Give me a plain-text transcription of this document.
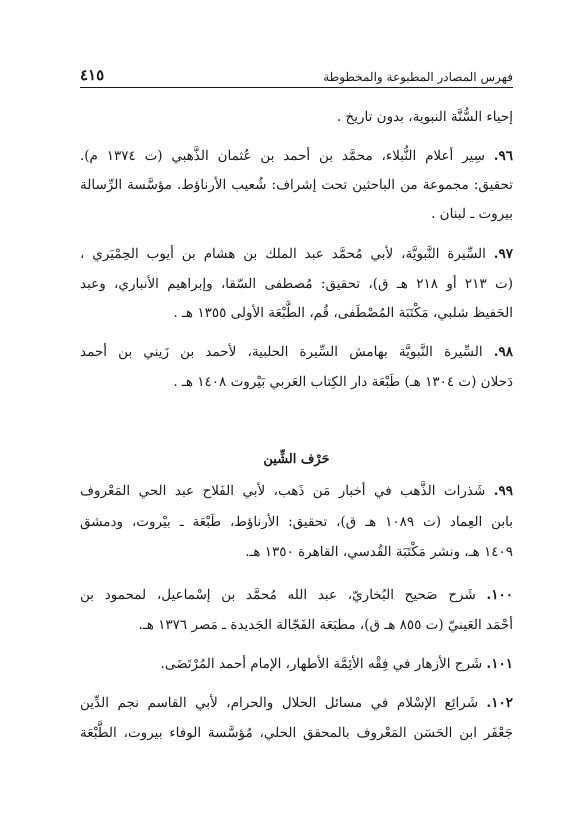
فهرس المصادر المطبوعة والمخطوطة
٤١٥
إحياء السُّنَّة النبوية، بدون تاريخ .
٩٦. سِير أعلام النُّبلاء، محمَّد بن أحمد بن عُثمان الذَّهبي (ت ١٣٧٤ م).
تحقيق: مجموعة من الباحثين تحت إشراف: شُعيب الأرناؤط. مؤسَّسة الرِّسالة
بيروت ـ لبنان .
٩٧. السِّيرة النَّبويَّة، لأبي مُحمَّد عبد الملك بن هشام بن أيوب الحِمْيَري ،
(ت ٢١٣ أو ٢١٨ هـ ق)، تحقيق: مُصطفى السّقا، وإبراهيم الأنباري، وعبد
الحَفيظ شلبي، مَكْتَبَة المُصْطَفى، قُم، الطَّبْعَة الأولى ١٣٥٥ هـ .
٩٨. السِّيرة النَّبويَّة بهامش السِّيرة الحلبية، لأحمد بن زَيني بن أحمد
دَحلان (ت ١٣٠٤ هـ) طَبْعَة دار الكِتاب العَربي بَيْروت ١٤٠٨ هـ .
حَرْف الشِّين
٩٩. شَذرات الذَّهب في أخبار مَن ذَهب، لأبي الفَلاح عبد الحي المَعْروف
بابن العِماد (ت ١٠٨٩ هـ ق)، تحقيق: الأرناؤط، طَبْعَة ـ بيْروت، ودمشق
١٤٠٩ هـ، ونشر مَكْتَبَة القُدسي، القاهرة ١٣٥٠ هـ.
١٠٠. شَرح صَحيح البُخاريّ، عبد الله مُحمَّد بن إسْماعيل، لمحمود بن
أحْمَد العَينيّ (ت ٨٥٥ هـ ق)، مطبَعَة الفَجّالة الجَديدة ـ مَصر ١٣٧٦ هـ.
١٠١. شَرح الأزهار في فِقْه الأئِمَّة الأطهار، الإمام أحمد المُرْتَضَى.
١٠٢. شَرائِع الإسْلام في مسائل الحلال والحرام، لأبي القاسم نجم الدِّين
جَعْفَر ابن الحَسَن المَعْروف بالمحقق الحلي، مُؤسَّسة الوفاء بيروت، الطَّبْعَة
